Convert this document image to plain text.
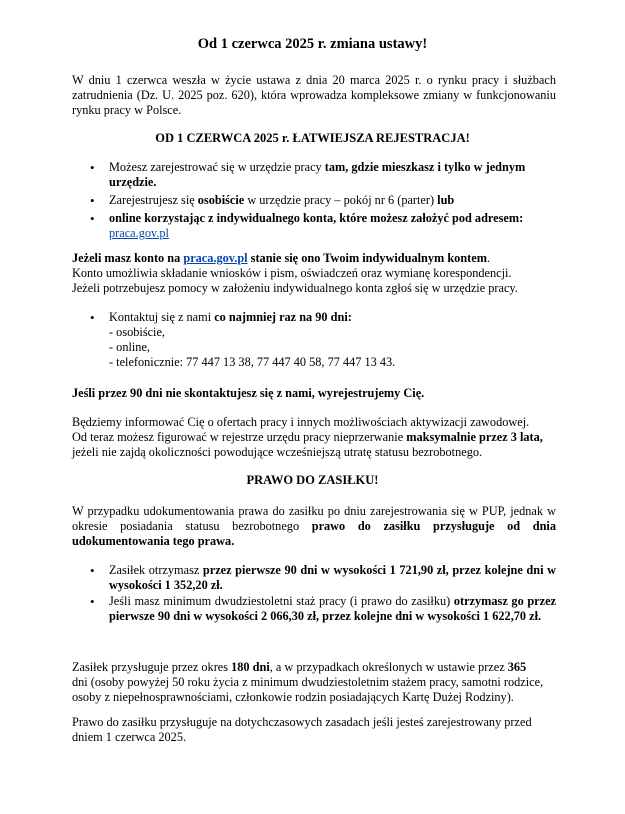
Od 1 czerwca 2025 r. zmiana ustawy!
W dniu 1 czerwca weszła w życie ustawa z dnia 20 marca 2025 r. o rynku pracy i służbach zatrudnienia (Dz. U. 2025 poz. 620), która wprowadza kompleksowe zmiany w funkcjonowaniu rynku pracy w Polsce.
OD 1 CZERWCA 2025 r. ŁATWIEJSZA REJESTRACJA!
• Możesz zarejestrować się w urzędzie pracy tam, gdzie mieszkasz i tylko w jednym urzędzie.
• Zarejestrujesz się osobiście w urzędzie pracy – pokój nr 6 (parter) lub
• online korzystając z indywidualnego konta, które możesz założyć pod adresem:
praca.gov.pl
Jeżeli masz konto na praca.gov.pl stanie się ono Twoim indywidualnym kontem.
Konto umożliwia składanie wniosków i pism, oświadczeń oraz wymianę korespondencji.
Jeżeli potrzebujesz pomocy w założeniu indywidualnego konta zgłoś się w urzędzie pracy.
• Kontaktuj się z nami co najmniej raz na 90 dni:
- osobiście,
- online,
- telefonicznie: 77 447 13 38, 77 447 40 58, 77 447 13 43.
Jeśli przez 90 dni nie skontaktujesz się z nami, wyrejestrujemy Cię.
Będziemy informować Cię o ofertach pracy i innych możliwościach aktywizacji zawodowej.
Od teraz możesz figurować w rejestrze urzędu pracy nieprzerwanie maksymalnie przez 3 lata,
jeżeli nie zajdą okoliczności powodujące wcześniejszą utratę statusu bezrobotnego.
PRAWO DO ZASIŁKU!
W przypadku udokumentowania prawa do zasiłku po dniu zarejestrowania się w PUP, jednak w okresie posiadania statusu bezrobotnego prawo do zasiłku przysługuje od dnia udokumentowania tego prawa.
• Zasiłek otrzymasz przez pierwsze 90 dni w wysokości 1 721,90 zł, przez kolejne dni w wysokości 1 352,20 zł.
• Jeśli masz minimum dwudziestoletni staż pracy (i prawo do zasiłku) otrzymasz go przez pierwsze 90 dni w wysokości 2 066,30 zł, przez kolejne dni w wysokości 1 622,70 zł.
Zasiłek przysługuje przez okres 180 dni, a w przypadkach określonych w ustawie przez 365
dni (osoby powyżej 50 roku życia z minimum dwudziestoletnim stażem pracy, samotni rodzice,
osoby z niepełnosprawnościami, członkowie rodzin posiadających Kartę Dużej Rodziny).
Prawo do zasiłku przysługuje na dotychczasowych zasadach jeśli jesteś zarejestrowany przed
dniem 1 czerwca 2025.
